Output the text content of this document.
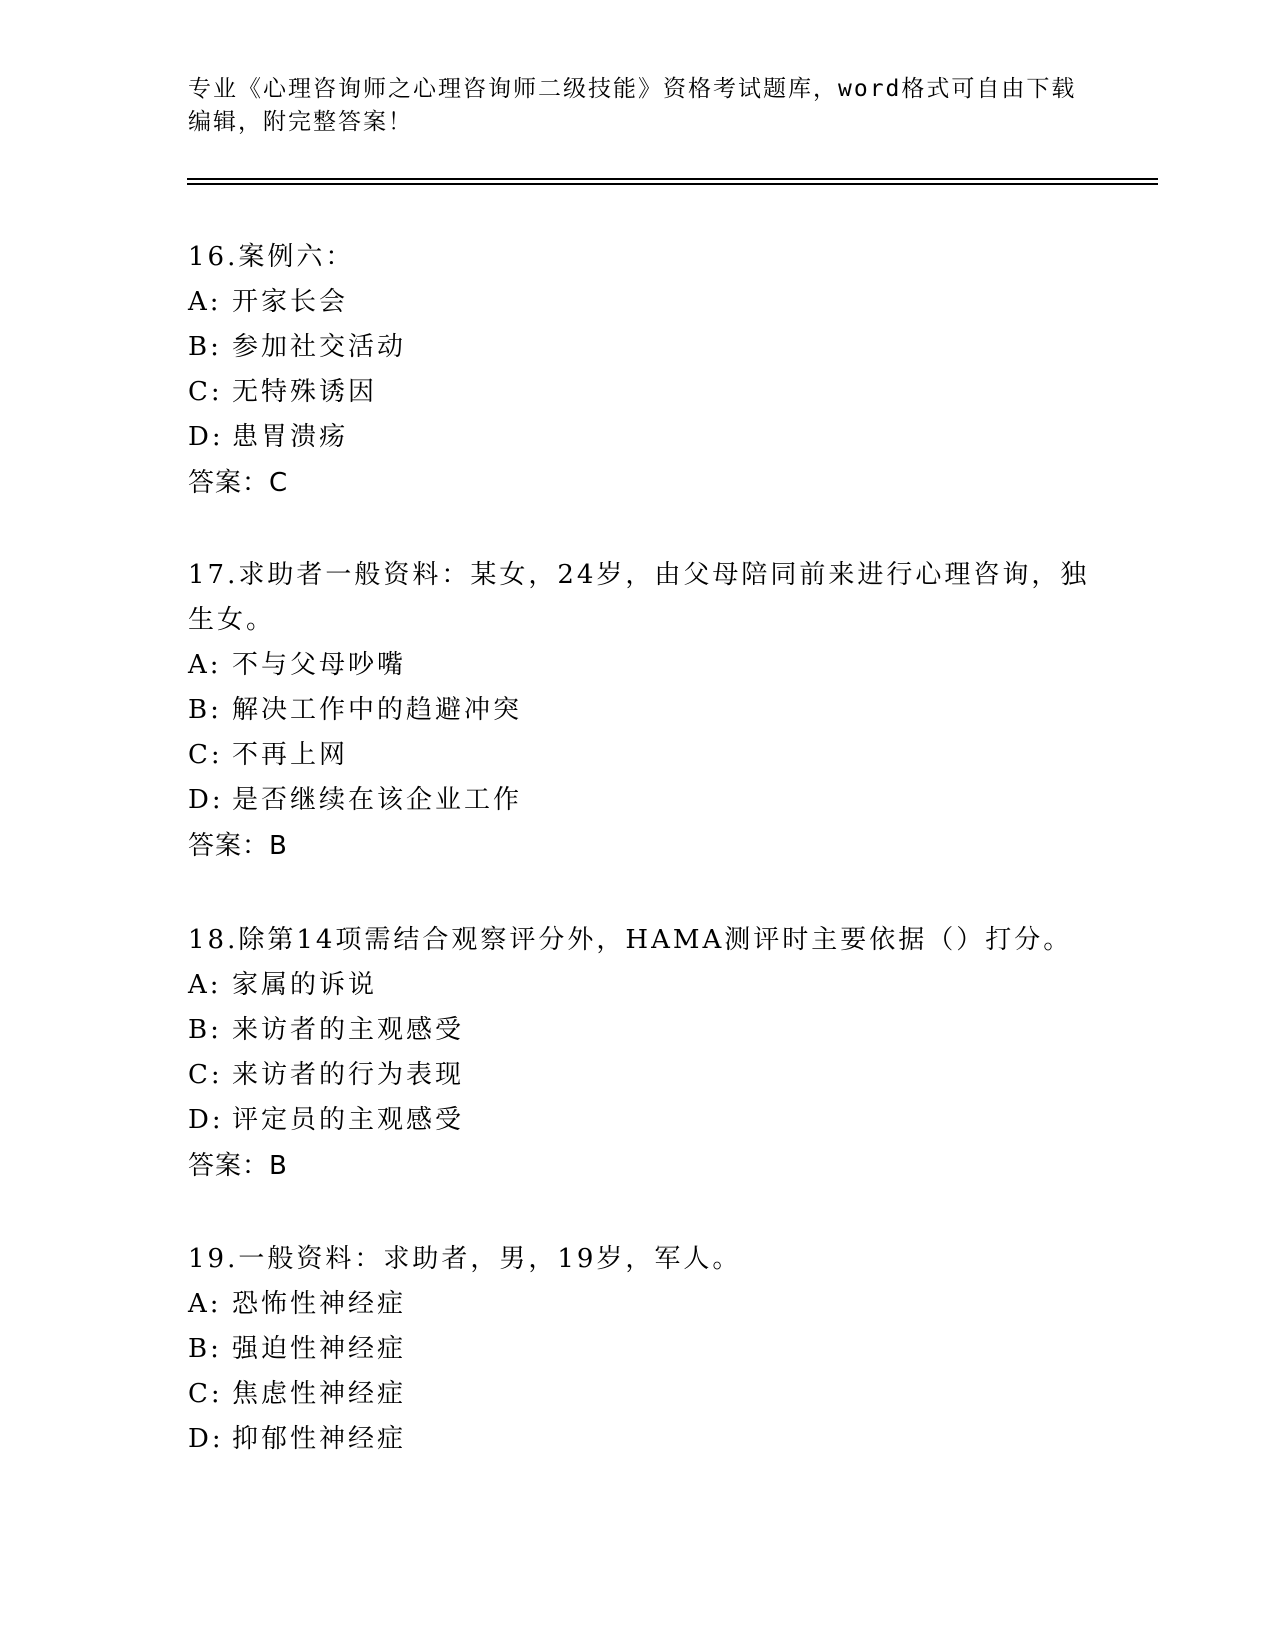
专业《心理咨询师之心理咨询师二级技能》资格考试题库，word格式可自由下载
编辑，附完整答案！
16.案例六：
A: 开家长会
B: 参加社交活动
C: 无特殊诱因
D: 患胃溃疡
答案：C
17.求助者一般资料：某女，24岁，由父母陪同前来进行心理咨询，独
生女。
A: 不与父母吵嘴
B: 解决工作中的趋避冲突
C: 不再上网
D: 是否继续在该企业工作
答案：B
18.除第14项需结合观察评分外，HAMA测评时主要依据（）打分。
A: 家属的诉说
B: 来访者的主观感受
C: 来访者的行为表现
D: 评定员的主观感受
答案：B
19.一般资料：求助者，男，19岁，军人。
A: 恐怖性神经症
B: 强迫性神经症
C: 焦虑性神经症
D: 抑郁性神经症
